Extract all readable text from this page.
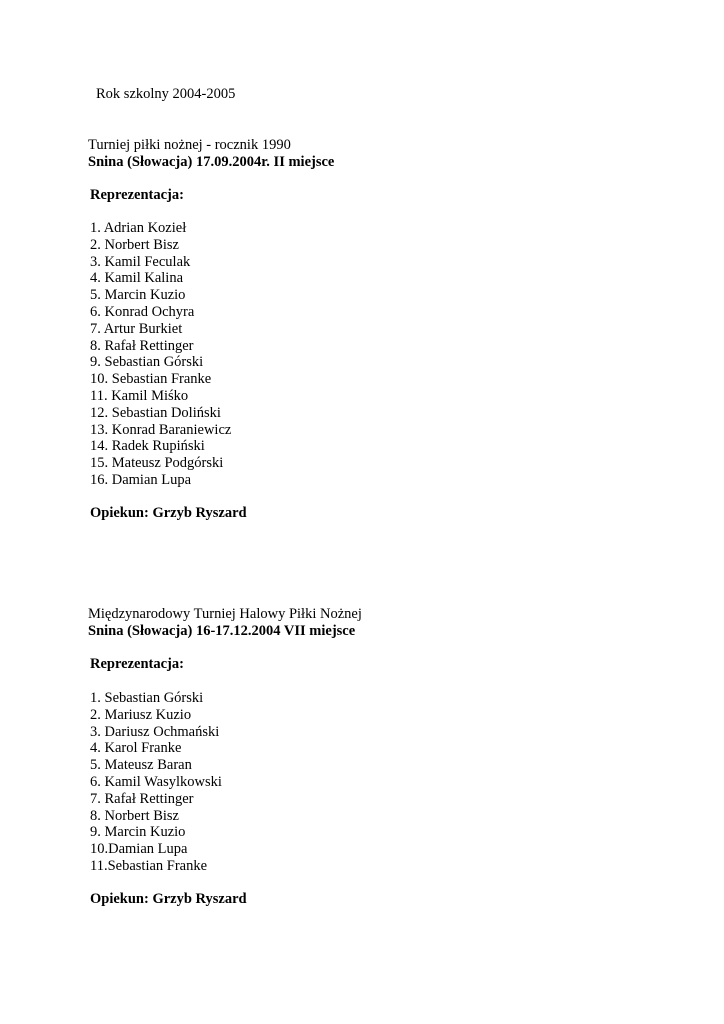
Rok szkolny 2004-2005
Turniej piłki nożnej - rocznik 1990
Snina (Słowacja) 17.09.2004r. II miejsce
Reprezentacja:
1. Adrian Kozieł
2. Norbert Bisz
3. Kamil Feculak
4. Kamil Kalina
5. Marcin Kuzio
6. Konrad Ochyra
7. Artur Burkiet
8. Rafał Rettinger
9. Sebastian Górski
10. Sebastian Franke
11. Kamil Miśko
12. Sebastian Doliński
13. Konrad Baraniewicz
14. Radek Rupiński
15. Mateusz Podgórski
16. Damian Lupa
Opiekun: Grzyb Ryszard
Międzynarodowy Turniej Halowy Piłki Nożnej
Snina (Słowacja) 16-17.12.2004 VII miejsce
Reprezentacja:
1. Sebastian Górski
2. Mariusz Kuzio
3. Dariusz Ochmański
4. Karol Franke
5. Mateusz Baran
6. Kamil Wasylkowski
7. Rafał Rettinger
8. Norbert Bisz
9. Marcin Kuzio
10.Damian Lupa
11.Sebastian Franke
Opiekun: Grzyb Ryszard
